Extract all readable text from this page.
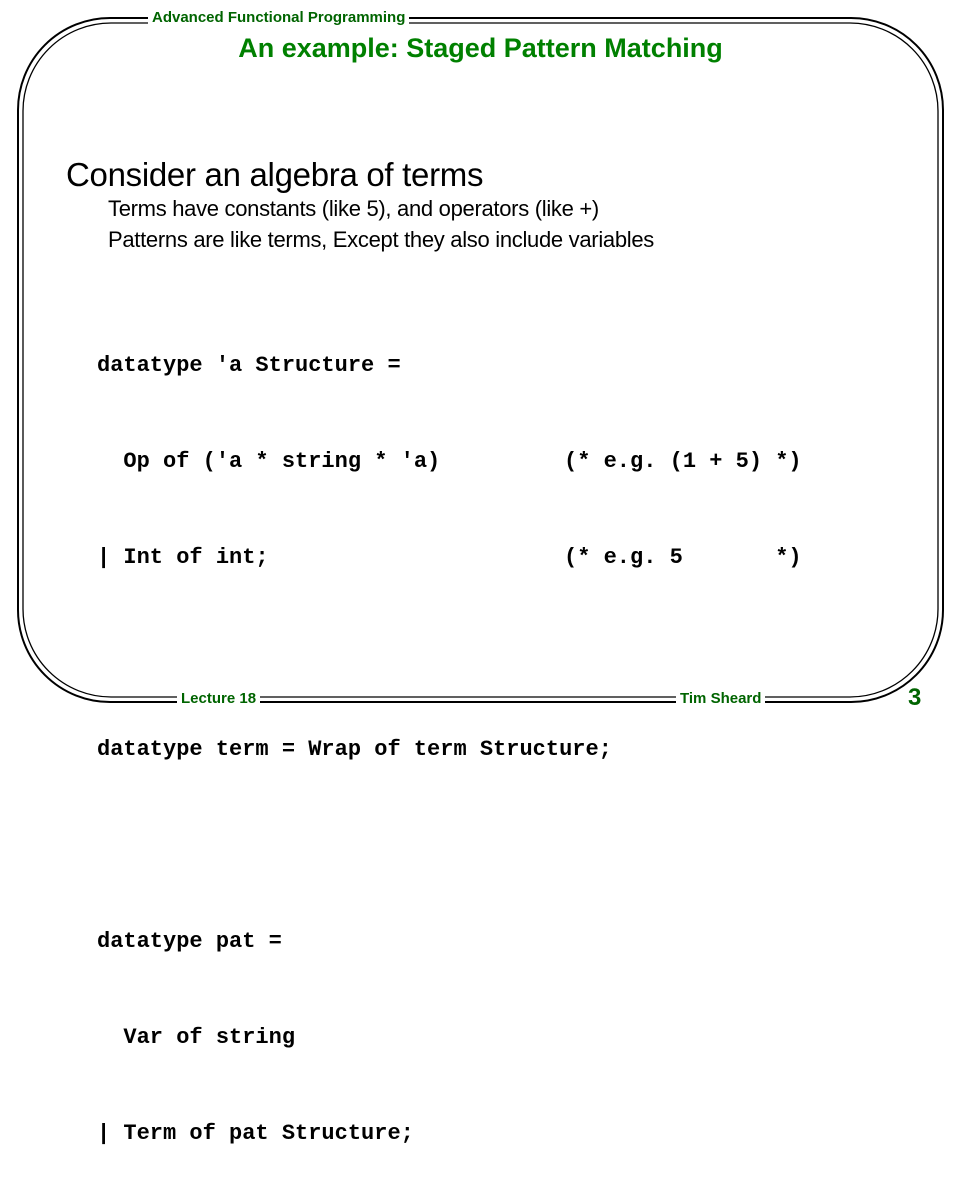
Advanced Functional Programming
An example: Staged Pattern Matching
Consider an algebra of terms
Terms have constants (like 5), and operators (like +)
Patterns are like terms, Except they also include variables

datatype 'a Structure =

Op of ('a * string * 'a)	(* e.g. (1 + 5) *)

| Int of int;	(* e.g. 5       *)

datatype term = Wrap of term Structure;

datatype pat =

Var of string

| Term of pat Structure;

Lecture 18	Tim Sheard	3
